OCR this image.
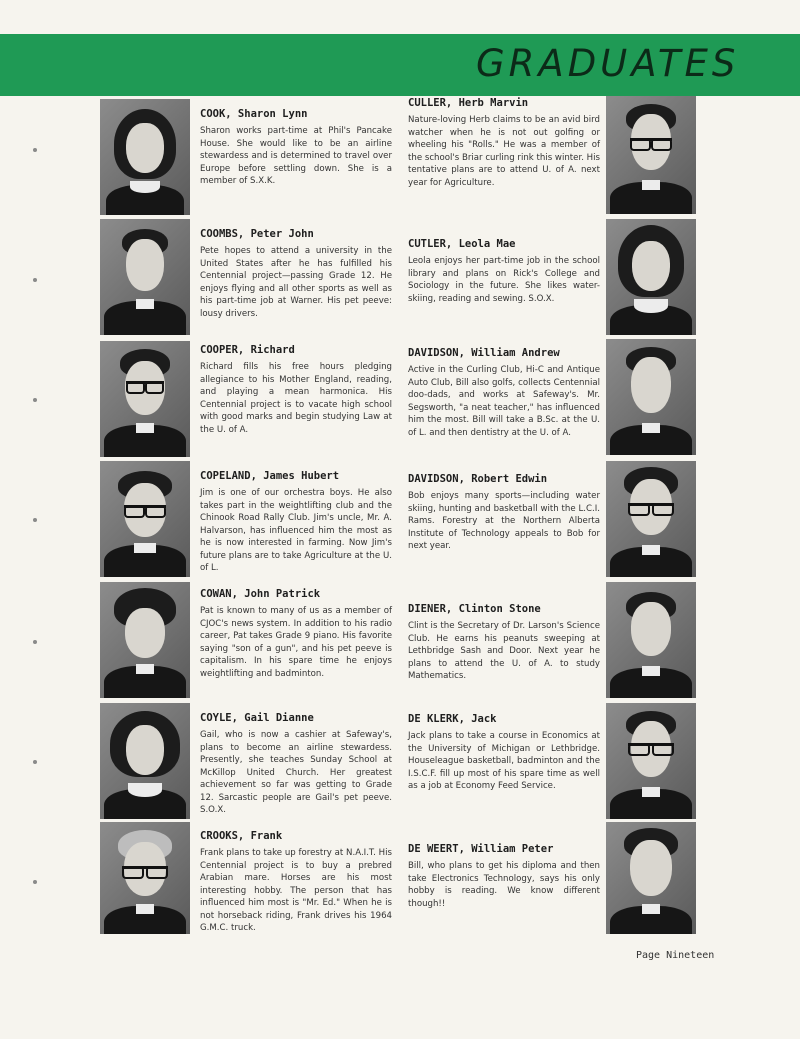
GRADUATES

COOK, Sharon Lynn

Sharon works part-time at Phil's Pancake House. She would like to be an airline stewardess and is determined to travel over Europe before settling down. She is a member of S.X.K.

COOMBS, Peter John

Pete hopes to attend a university in the United States after he has fulfilled his Centennial project—passing Grade 12. He enjoys flying and all other sports as well as his part-time job at Warner. His pet peeve: lousy drivers.

COOPER, Richard

Richard fills his free hours pledging allegiance to his Mother England, reading, and playing a mean harmonica. His Centennial project is to vacate high school with good marks and begin studying Law at the U. of A.

COPELAND, James Hubert

Jim is one of our orchestra boys. He also takes part in the weightlifting club and the Chinook Road Rally Club. Jim's uncle, Mr. A. Halvarson, has influenced him the most as he is now interested in farming. Now Jim's future plans are to take Agriculture at the U. of L.

COWAN, John Patrick

Pat is known to many of us as a member of CJOC's news system. In addition to his radio career, Pat takes Grade 9 piano. His favorite saying "son of a gun", and his pet peeve is capitalism. In his spare time he enjoys weightlifting and badminton.

COYLE, Gail Dianne

Gail, who is now a cashier at Safeway's, plans to become an airline stewardess. Presently, she teaches Sunday School at McKillop United Church. Her greatest achievement so far was getting to Grade 12. Sarcastic people are Gail's pet peeve. S.O.X.

CROOKS, Frank

Frank plans to take up forestry at N.A.I.T. His Centennial project is to buy a prebred Arabian mare. Horses are his most interesting hobby. The person that has influenced him most is "Mr. Ed." When he is not horseback riding, Frank drives his 1964 G.M.C. truck.

CULLER, Herb Marvin

Nature-loving Herb claims to be an avid bird watcher when he is not out golfing or wheeling his "Rolls." He was a member of the school's Briar curling rink this winter. His tentative plans are to attend U. of A. next year for Agriculture.

CUTLER, Leola Mae

Leola enjoys her part-time job in the school library and plans on Rick's College and Sociology in the future. She likes water-skiing, reading and sewing. S.O.X.

DAVIDSON, William Andrew

Active in the Curling Club, Hi-C and Antique Auto Club, Bill also golfs, collects Centennial doo-dads, and works at Safeway's. Mr. Segsworth, "a neat teacher," has influenced him the most. Bill will take a B.Sc. at the U. of L. and then dentistry at the U. of A.

DAVIDSON, Robert Edwin

Bob enjoys many sports—including water skiing, hunting and basketball with the L.C.I. Rams. Forestry at the Northern Alberta Institute of Technology appeals to Bob for next year.

DIENER, Clinton Stone

Clint is the Secretary of Dr. Larson's Science Club. He earns his peanuts sweeping at Lethbridge Sash and Door. Next year he plans to attend the U. of A. to study Mathematics.

DE KLERK, Jack

Jack plans to take a course in Economics at the University of Michigan or Lethbridge. Houseleague basketball, badminton and the I.S.C.F. fill up most of his spare time as well as a job at Economy Feed Service.

DE WEERT, William Peter

Bill, who plans to get his diploma and then take Electronics Technology, says his only hobby is reading. We know different though!!

Page Nineteen
